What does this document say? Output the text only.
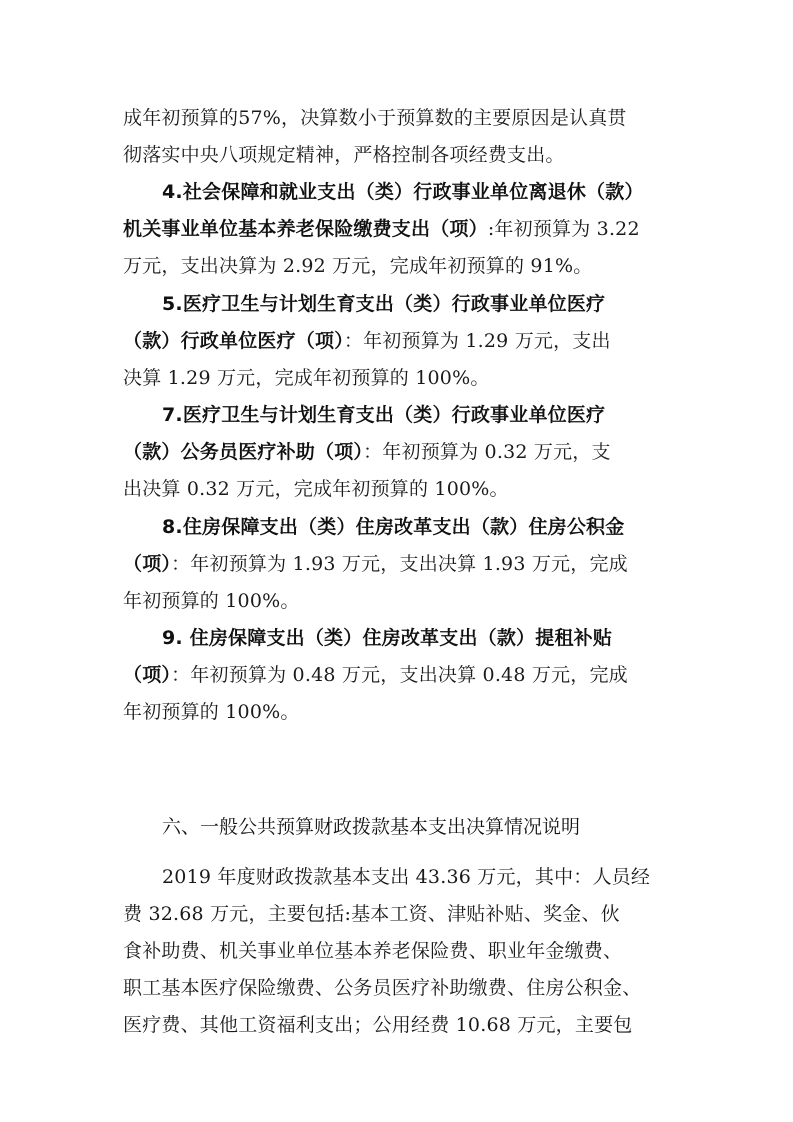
成年初预算的57%，决算数小于预算数的主要原因是认真贯
彻落实中央八项规定精神，严格控制各项经费支出。
4.社会保障和就业支出（类）行政事业单位离退休（款）
机关事业单位基本养老保险缴费支出（项）:年初预算为 3.22
万元，支出决算为 2.92 万元，完成年初预算的 91%。
5.医疗卫生与计划生育支出（类）行政事业单位医疗
（款）行政单位医疗（项）：年初预算为 1.29 万元，支出
决算 1.29 万元，完成年初预算的 100%。
7.医疗卫生与计划生育支出（类）行政事业单位医疗
（款）公务员医疗补助（项）：年初预算为 0.32 万元，支
出决算 0.32 万元，完成年初预算的 100%。
8.住房保障支出（类）住房改革支出（款）住房公积金
（项）：年初预算为 1.93 万元，支出决算 1.93 万元，完成
年初预算的 100%。
9. 住房保障支出（类）住房改革支出（款）提租补贴
（项）：年初预算为 0.48 万元，支出决算 0.48 万元，完成
年初预算的 100%。
六、一般公共预算财政拨款基本支出决算情况说明
2019 年度财政拨款基本支出 43.36 万元，其中：人员经
费 32.68 万元，主要包括:基本工资、津贴补贴、奖金、伙
食补助费、机关事业单位基本养老保险费、职业年金缴费、
职工基本医疗保险缴费、公务员医疗补助缴费、住房公积金、
医疗费、其他工资福利支出；公用经费 10.68 万元，主要包
